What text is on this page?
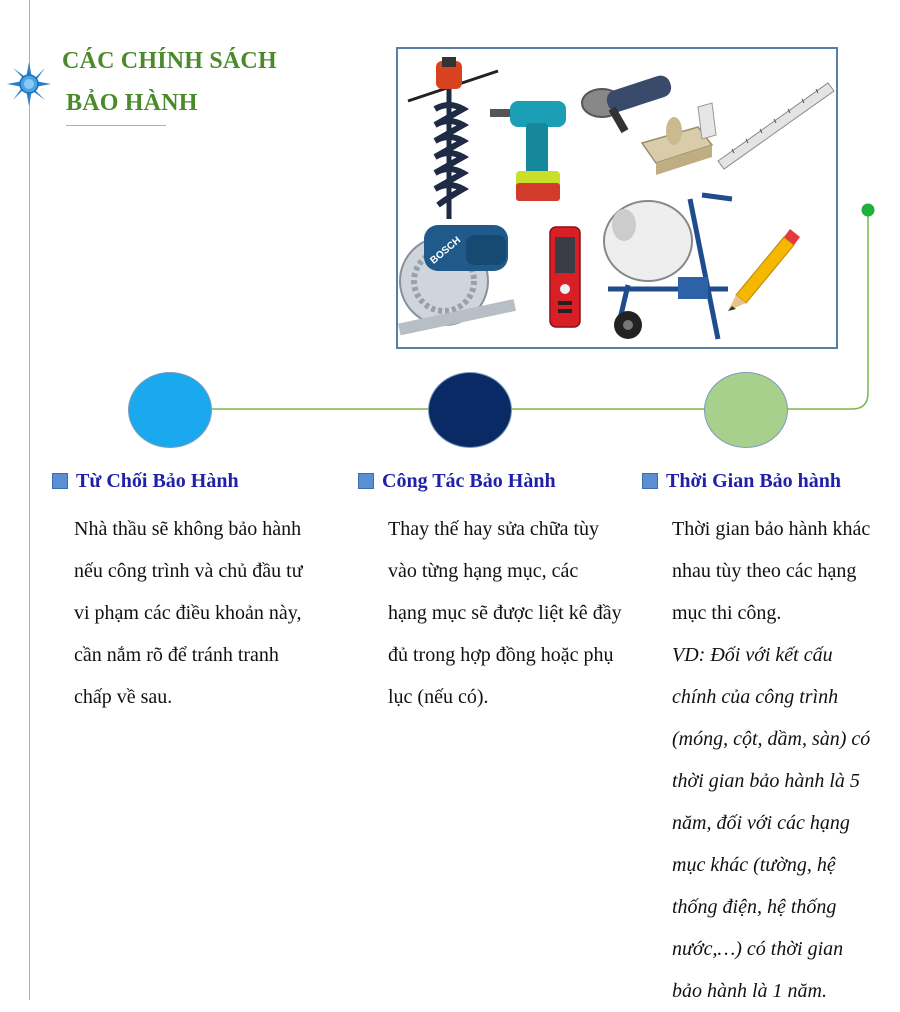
CÁC CHÍNH SÁCH
BẢO HÀNH
BOSCH
Từ Chối Bảo Hành
Nhà thầu sẽ không bảo hành
nếu công trình và chủ đầu tư
vi phạm các điều khoản này,
cần nắm rõ để tránh tranh
chấp về sau.
Công Tác Bảo Hành
Thay thế hay sửa chữa tùy
vào từng hạng mục, các
hạng mục sẽ được liệt kê đầy
đủ trong hợp đồng hoặc phụ
lục (nếu có).
Thời Gian Bảo hành
Thời gian bảo hành khác
nhau tùy theo các hạng
mục thi công.
VD: Đối với kết cấu
chính của công trình
(móng, cột, dầm, sàn) có
thời gian bảo hành là 5
năm, đối với các hạng
mục khác (tường, hệ
thống điện, hệ thống
nước,…) có thời gian
bảo hành là 1 năm.
